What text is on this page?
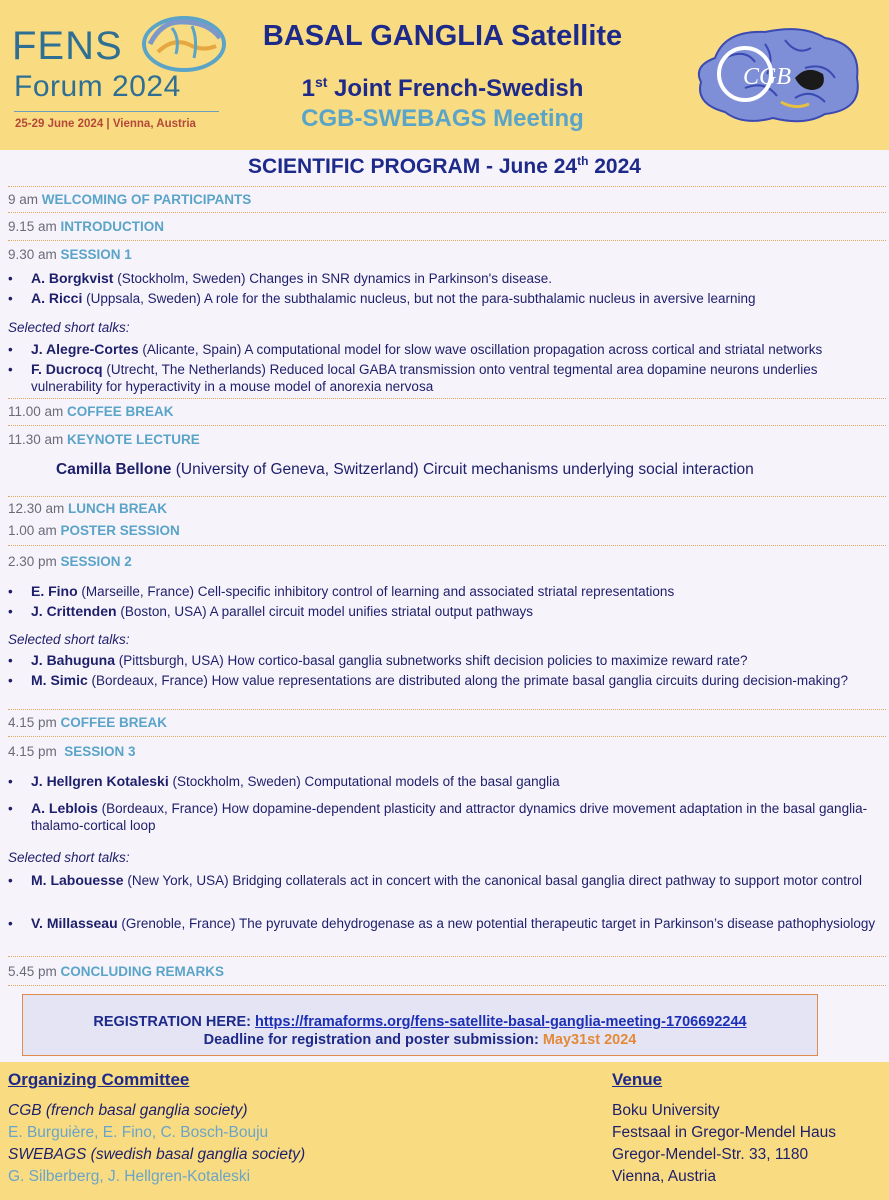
FENS
Forum 2024
25-29 June 2024 | Vienna, Austria
BASAL GANGLIA Satellite
1st Joint French-Swedish
CGB-SWEBAGS Meeting
CGB
SCIENTIFIC PROGRAM - June 24th 2024
9 am WELCOMING OF PARTICIPANTS
9.15 am INTRODUCTION
9.30 am SESSION 1
• A. Borgkvist (Stockholm, Sweden) Changes in SNR dynamics in Parkinson's disease.
• A. Ricci (Uppsala, Sweden) A role for the subthalamic nucleus, but not the para-subthalamic nucleus in aversive learning
Selected short talks:
• J. Alegre-Cortes (Alicante, Spain) A computational model for slow wave oscillation propagation across cortical and striatal networks
• F. Ducrocq (Utrecht, The Netherlands) Reduced local GABA transmission onto ventral tegmental area dopamine neurons underlies vulnerability for hyperactivity in a mouse model of anorexia nervosa
11.00 am COFFEE BREAK
11.30 am KEYNOTE LECTURE
Camilla Bellone (University of Geneva, Switzerland) Circuit mechanisms underlying social interaction
12.30 am LUNCH BREAK
1.00 am POSTER SESSION
2.30 pm SESSION 2
• E. Fino (Marseille, France) Cell-specific inhibitory control of learning and associated striatal representations
• J. Crittenden (Boston, USA) A parallel circuit model unifies striatal output pathways
Selected short talks:
• J. Bahuguna (Pittsburgh, USA) How cortico-basal ganglia subnetworks shift decision policies to maximize reward rate?
• M. Simic (Bordeaux, France) How value representations are distributed along the primate basal ganglia circuits during decision-making?
4.15 pm COFFEE BREAK
4.15 pm  SESSION 3
• J. Hellgren Kotaleski (Stockholm, Sweden) Computational models of the basal ganglia
• A. Leblois (Bordeaux, France) How dopamine-dependent plasticity and attractor dynamics drive movement adaptation in the basal ganglia-thalamo-cortical loop
Selected short talks:
• M. Labouesse (New York, USA) Bridging collaterals act in concert with the canonical basal ganglia direct pathway to support motor control
• V. Millasseau (Grenoble, France) The pyruvate dehydrogenase as a new potential therapeutic target in Parkinson’s disease pathophysiology
5.45 pm CONCLUDING REMARKS
REGISTRATION HERE: https://framaforms.org/fens-satellite-basal-ganglia-meeting-1706692244
Deadline for registration and poster submission: May31st 2024
Organizing Committee
CGB (french basal ganglia society)
E. Burguière, E. Fino, C. Bosch-Bouju
SWEBAGS (swedish basal ganglia society)
G. Silberberg, J. Hellgren-Kotaleski
Venue
Boku University
Festsaal in Gregor-Mendel Haus
Gregor-Mendel-Str. 33, 1180
Vienna, Austria
